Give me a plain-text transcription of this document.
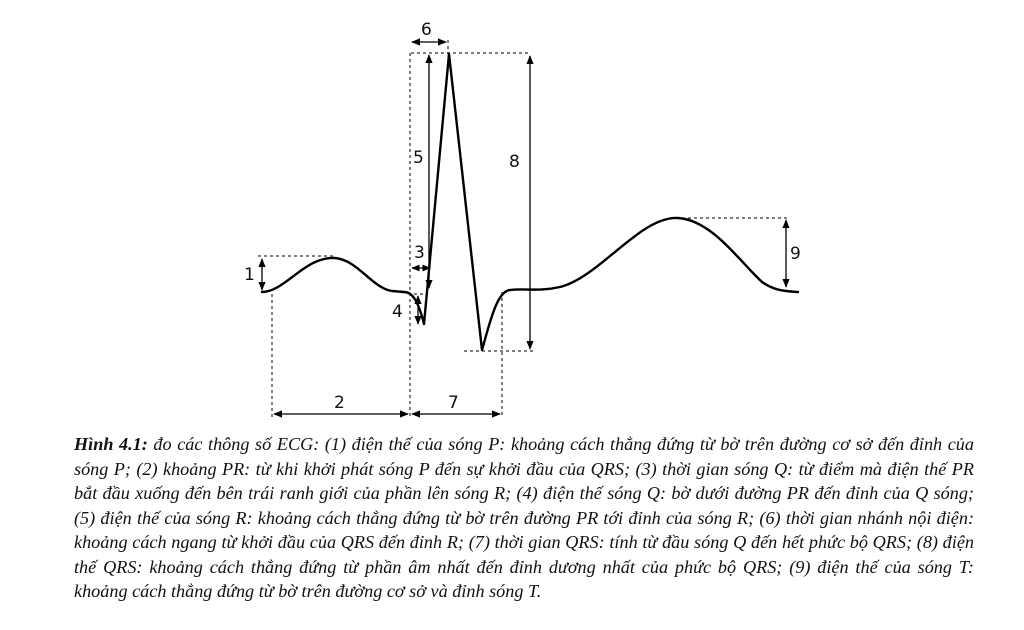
1
2
3
4
5
6
7
8
9

Hình 4.1: đo các thông số ECG: (1) điện thế của sóng P: khoảng cách thẳng đứng từ bờ trên đường cơ sở đến đỉnh của sóng P; (2) khoảng PR: từ khi khởi phát sóng P đến sự khởi đầu của QRS; (3) thời gian sóng Q: từ điểm mà điện thế PR bắt đầu xuống đến bên trái ranh giới của phần lên sóng R; (4) điện thế sóng Q: bờ dưới đường PR đến đỉnh của Q sóng; (5) điện thế của sóng R: khoảng cách thẳng đứng từ bờ trên đường PR tới đỉnh của sóng R; (6) thời gian nhánh nội điện: khoảng cách ngang từ khởi đầu của QRS đến đỉnh R; (7) thời gian QRS: tính từ đầu sóng Q đến hết phức bộ QRS; (8) điện thế QRS: khoảng cách thẳng đứng từ phần âm nhất đến đỉnh dương nhất của phức bộ QRS; (9) điện thế của sóng T: khoảng cách thẳng đứng từ bờ trên đường cơ sở và đỉnh sóng T.
